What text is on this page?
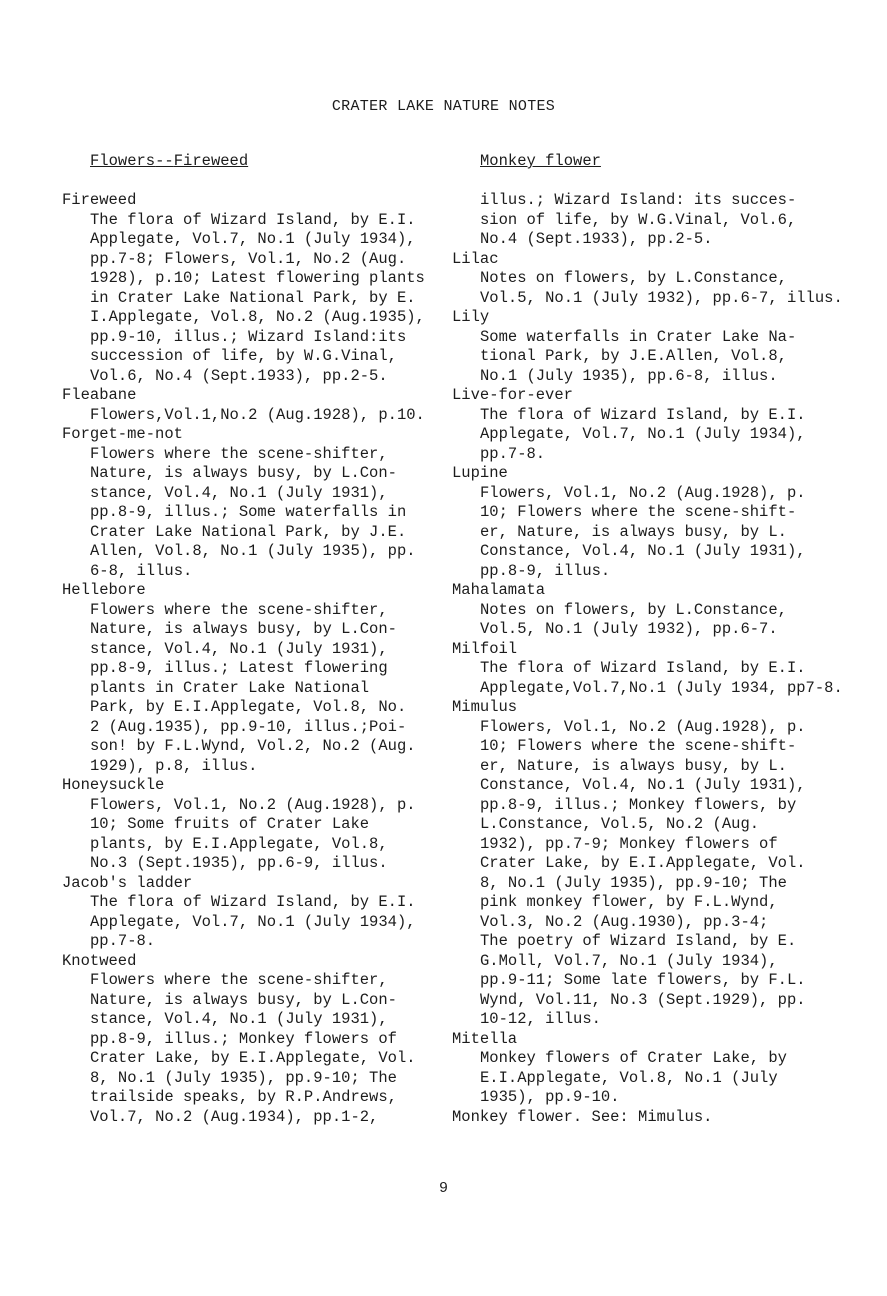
CRATER LAKE NATURE NOTES
Flowers--Fireweed
Fireweed
The flora of Wizard Island, by E.I.
Applegate, Vol.7, No.1 (July 1934),
pp.7-8; Flowers, Vol.1, No.2 (Aug.
1928), p.10; Latest flowering plants
in Crater Lake National Park, by E.
I.Applegate, Vol.8, No.2 (Aug.1935),
pp.9-10, illus.; Wizard Island:its
succession of life, by W.G.Vinal,
Vol.6, No.4 (Sept.1933), pp.2-5.
Fleabane
Flowers,Vol.1,No.2 (Aug.1928), p.10.
Forget-me-not
Flowers where the scene-shifter,
Nature, is always busy, by L.Con-
stance, Vol.4, No.1 (July 1931),
pp.8-9, illus.; Some waterfalls in
Crater Lake National Park, by J.E.
Allen, Vol.8, No.1 (July 1935), pp.
6-8, illus.
Hellebore
Flowers where the scene-shifter,
Nature, is always busy, by L.Con-
stance, Vol.4, No.1 (July 1931),
pp.8-9, illus.; Latest flowering
plants in Crater Lake National
Park, by E.I.Applegate, Vol.8, No.
2 (Aug.1935), pp.9-10, illus.;Poi-
son! by F.L.Wynd, Vol.2, No.2 (Aug.
1929), p.8, illus.
Honeysuckle
Flowers, Vol.1, No.2 (Aug.1928), p.
10; Some fruits of Crater Lake
plants, by E.I.Applegate, Vol.8,
No.3 (Sept.1935), pp.6-9, illus.
Jacob's ladder
The flora of Wizard Island, by E.I.
Applegate, Vol.7, No.1 (July 1934),
pp.7-8.
Knotweed
Flowers where the scene-shifter,
Nature, is always busy, by L.Con-
stance, Vol.4, No.1 (July 1931),
pp.8-9, illus.; Monkey flowers of
Crater Lake, by E.I.Applegate, Vol.
8, No.1 (July 1935), pp.9-10; The
trailside speaks, by R.P.Andrews,
Vol.7, No.2 (Aug.1934), pp.1-2,
Monkey flower
illus.; Wizard Island: its succes-
sion of life, by W.G.Vinal, Vol.6,
No.4 (Sept.1933), pp.2-5.
Lilac
Notes on flowers, by L.Constance,
Vol.5, No.1 (July 1932), pp.6-7, illus.
Lily
Some waterfalls in Crater Lake Na-
tional Park, by J.E.Allen, Vol.8,
No.1 (July 1935), pp.6-8, illus.
Live-for-ever
The flora of Wizard Island, by E.I.
Applegate, Vol.7, No.1 (July 1934),
pp.7-8.
Lupine
Flowers, Vol.1, No.2 (Aug.1928), p.
10; Flowers where the scene-shift-
er, Nature, is always busy, by L.
Constance, Vol.4, No.1 (July 1931),
pp.8-9, illus.
Mahalamata
Notes on flowers, by L.Constance,
Vol.5, No.1 (July 1932), pp.6-7.
Milfoil
The flora of Wizard Island, by E.I.
Applegate,Vol.7,No.1 (July 1934, pp7-8.
Mimulus
Flowers, Vol.1, No.2 (Aug.1928), p.
10; Flowers where the scene-shift-
er, Nature, is always busy, by L.
Constance, Vol.4, No.1 (July 1931),
pp.8-9, illus.; Monkey flowers, by
L.Constance, Vol.5, No.2 (Aug.
1932), pp.7-9; Monkey flowers of
Crater Lake, by E.I.Applegate, Vol.
8, No.1 (July 1935), pp.9-10; The
pink monkey flower, by F.L.Wynd,
Vol.3, No.2 (Aug.1930), pp.3-4;
The poetry of Wizard Island, by E.
G.Moll, Vol.7, No.1 (July 1934),
pp.9-11; Some late flowers, by F.L.
Wynd, Vol.11, No.3 (Sept.1929), pp.
10-12, illus.
Mitella
Monkey flowers of Crater Lake, by
E.I.Applegate, Vol.8, No.1 (July
1935), pp.9-10.
Monkey flower. See: Mimulus.
9
